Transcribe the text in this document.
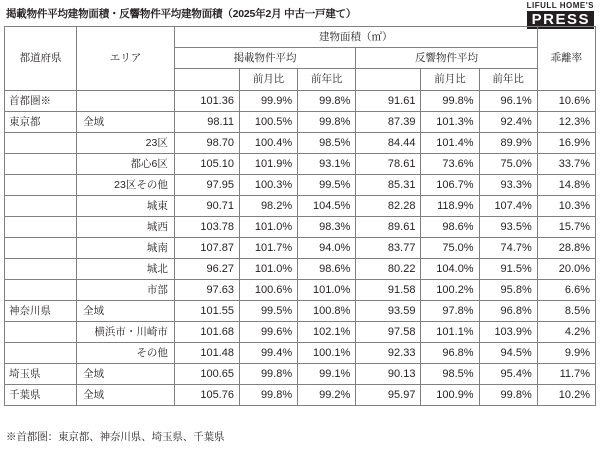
掲載物件平均建物面積・反響物件平均建物面積（2025年2月 中古一戸建て）
LIFULL HOME'S
PRESS
都道府県	エリア	建物面積（㎡）						乖離率
		掲載物件平均			反響物件平均			
			前月比	前年比		前月比	前年比	
首都圏※		101.36	99.9%	99.8%	91.61	99.8%	96.1%	10.6%
東京都	全域	98.11	100.5%	99.8%	87.39	101.3%	92.4%	12.3%
	23区	98.70	100.4%	98.5%	84.44	101.4%	89.9%	16.9%
	都心6区	105.10	101.9%	93.1%	78.61	73.6%	75.0%	33.7%
	23区その他	97.95	100.3%	99.5%	85.31	106.7%	93.3%	14.8%
	城東	90.71	98.2%	104.5%	82.28	118.9%	107.4%	10.3%
	城西	103.78	101.0%	98.3%	89.61	98.6%	93.5%	15.7%
	城南	107.87	101.7%	94.0%	83.77	75.0%	74.7%	28.8%
	城北	96.27	101.0%	98.6%	80.22	104.0%	91.5%	20.0%
	市部	97.63	100.6%	101.0%	91.58	100.2%	95.8%	6.6%
神奈川県	全域	101.55	99.5%	100.8%	93.59	97.8%	96.8%	8.5%
	横浜市・川崎市	101.68	99.6%	102.1%	97.58	101.1%	103.9%	4.2%
	その他	101.48	99.4%	100.1%	92.33	96.8%	94.5%	9.9%
埼玉県	全域	100.65	99.8%	99.1%	90.13	98.5%	95.4%	11.7%
千葉県	全域	105.76	99.8%	99.2%	95.97	100.9%	99.8%	10.2%
※首都圏：東京都、神奈川県、埼玉県、千葉県
